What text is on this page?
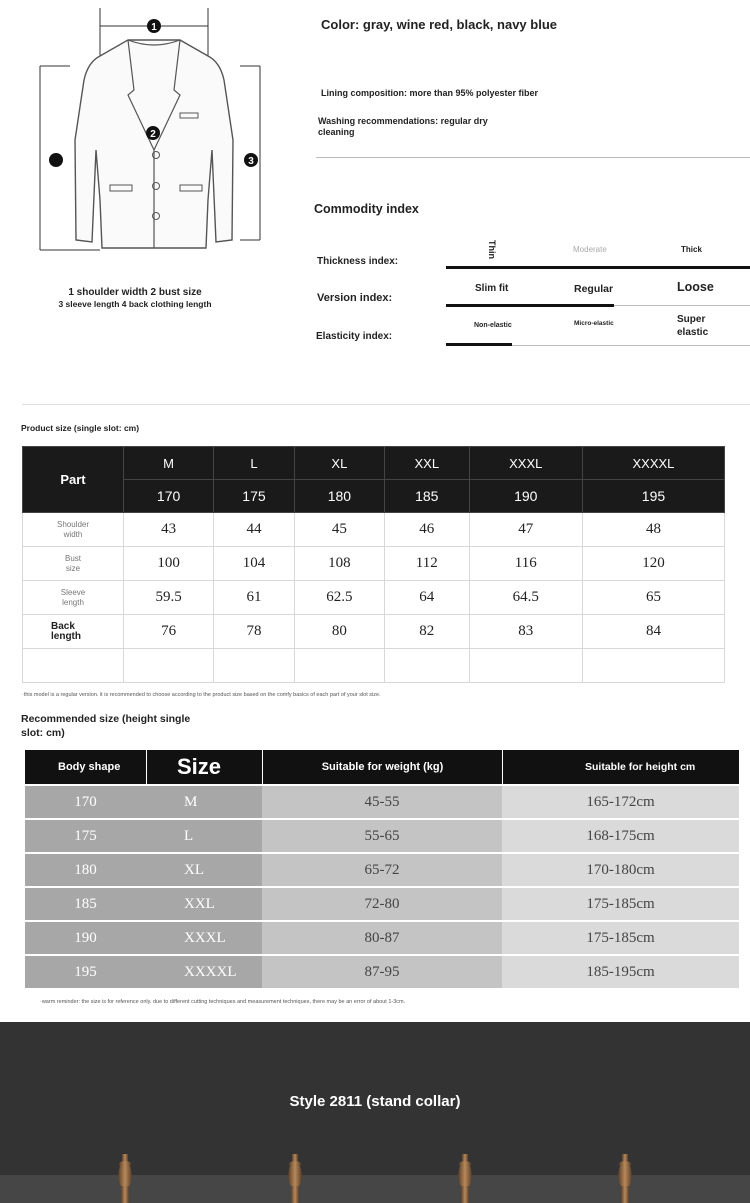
1
2
3
1 shoulder width 2 bust size
3 sleeve length 4 back clothing length
Color: gray, wine red, black, navy blue
Lining composition: more than 95% polyester fiber
Washing recommendations: regular dry cleaning
Commodity index
Thickness index:
Thin	Moderate	Thick
Version index:
Slim fit	Regular	Loose
Elasticity index:
Non-elastic	Micro-elastic	Super elastic
Product size (single slot: cm)
Part	M	L	XL	XXL	XXXL	XXXXL
	170	175	180	185	190	195
Shoulder width	43	44	45	46	47	48
Bust size	100	104	108	112	116	120
Sleeve length	59.5	61	62.5	64	64.5	65
Back length	76	78	80	82	83	84

·this model is a regular version. it is recommended to choose according to the product size based on the comfy basics of each part of your slot size.
Recommended size (height single slot: cm)
Body shape	Size	Suitable for weight (kg)	Suitable for height cm
170	M	45-55	165-172cm
175	L	55-65	168-175cm
180	XL	65-72	170-180cm
185	XXL	72-80	175-185cm
190	XXXL	80-87	175-185cm
195	XXXXL	87-95	185-195cm
·warm reminder: the size is for reference only. due to different cutting techniques and measurement techniques, there may be an error of about 1-3cm.
Style 2811 (stand collar)
